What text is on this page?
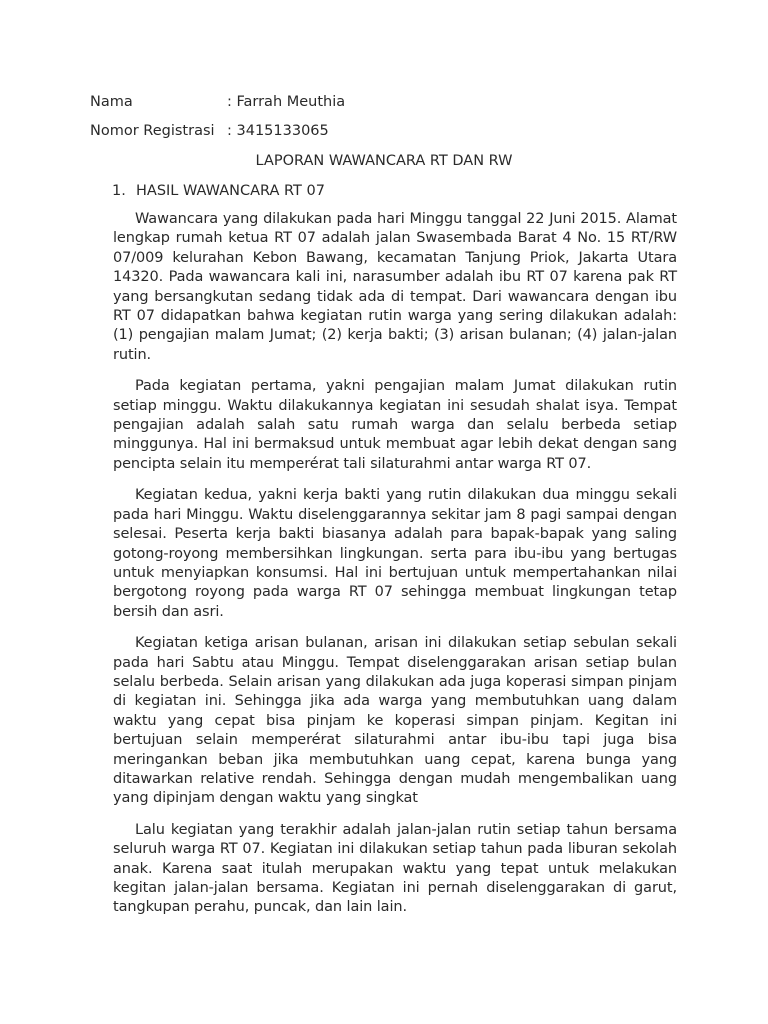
Nama	: Farrah Meuthia
Nomor Registrasi : 3415133065
LAPORAN WAWANCARA RT DAN RW
1. HASIL WAWANCARA RT 07

Wawancara yang dilakukan pada hari Minggu tanggal 22 Juni 2015. Alamat lengkap rumah ketua RT 07 adalah jalan Swasembada Barat 4 No. 15 RT/RW 07/009 kelurahan Kebon Bawang, kecamatan Tanjung Priok, Jakarta Utara 14320. Pada wawancara kali ini, narasumber adalah ibu RT 07 karena pak RT yang bersangkutan sedang tidak ada di tempat. Dari wawancara dengan ibu RT 07 didapatkan bahwa kegiatan rutin warga yang sering dilakukan adalah: (1) pengajian malam Jumat; (2) kerja bakti; (3) arisan bulanan; (4) jalan-jalan rutin.

Pada kegiatan pertama, yakni pengajian malam Jumat dilakukan rutin setiap minggu. Waktu dilakukannya kegiatan ini sesudah shalat isya. Tempat pengajian adalah salah satu rumah warga dan selalu berbeda setiap minggunya. Hal ini bermaksud untuk membuat agar lebih dekat dengan sang pencipta selain itu memperérat tali silaturahmi antar warga RT 07.

Kegiatan kedua, yakni kerja bakti yang rutin dilakukan dua minggu sekali pada hari Minggu. Waktu diselenggarannya sekitar jam 8 pagi sampai dengan selesai. Peserta kerja bakti biasanya adalah para bapak-bapak yang saling gotong-royong membersihkan lingkungan. serta para ibu-ibu yang bertugas untuk menyiapkan konsumsi. Hal ini bertujuan untuk mempertahankan nilai bergotong royong pada warga RT 07 sehingga membuat lingkungan tetap bersih dan asri.

Kegiatan ketiga arisan bulanan, arisan ini dilakukan setiap sebulan sekali pada hari Sabtu atau Minggu. Tempat diselenggarakan arisan setiap bulan selalu berbeda. Selain arisan yang dilakukan ada juga koperasi simpan pinjam di kegiatan ini. Sehingga jika ada warga yang membutuhkan uang dalam waktu yang cepat bisa pinjam ke koperasi simpan pinjam. Kegitan ini bertujuan selain memperérat silaturahmi antar ibu-ibu tapi juga bisa meringankan beban jika membutuhkan uang cepat, karena bunga yang ditawarkan relative rendah. Sehingga dengan mudah mengembalikan uang yang dipinjam dengan waktu yang singkat

Lalu kegiatan yang terakhir adalah jalan-jalan rutin setiap tahun bersama seluruh warga RT 07. Kegiatan ini dilakukan setiap tahun pada liburan sekolah anak. Karena saat itulah merupakan waktu yang tepat untuk melakukan kegitan jalan-jalan bersama. Kegiatan ini pernah diselenggarakan di garut, tangkupan perahu, puncak, dan lain lain.
